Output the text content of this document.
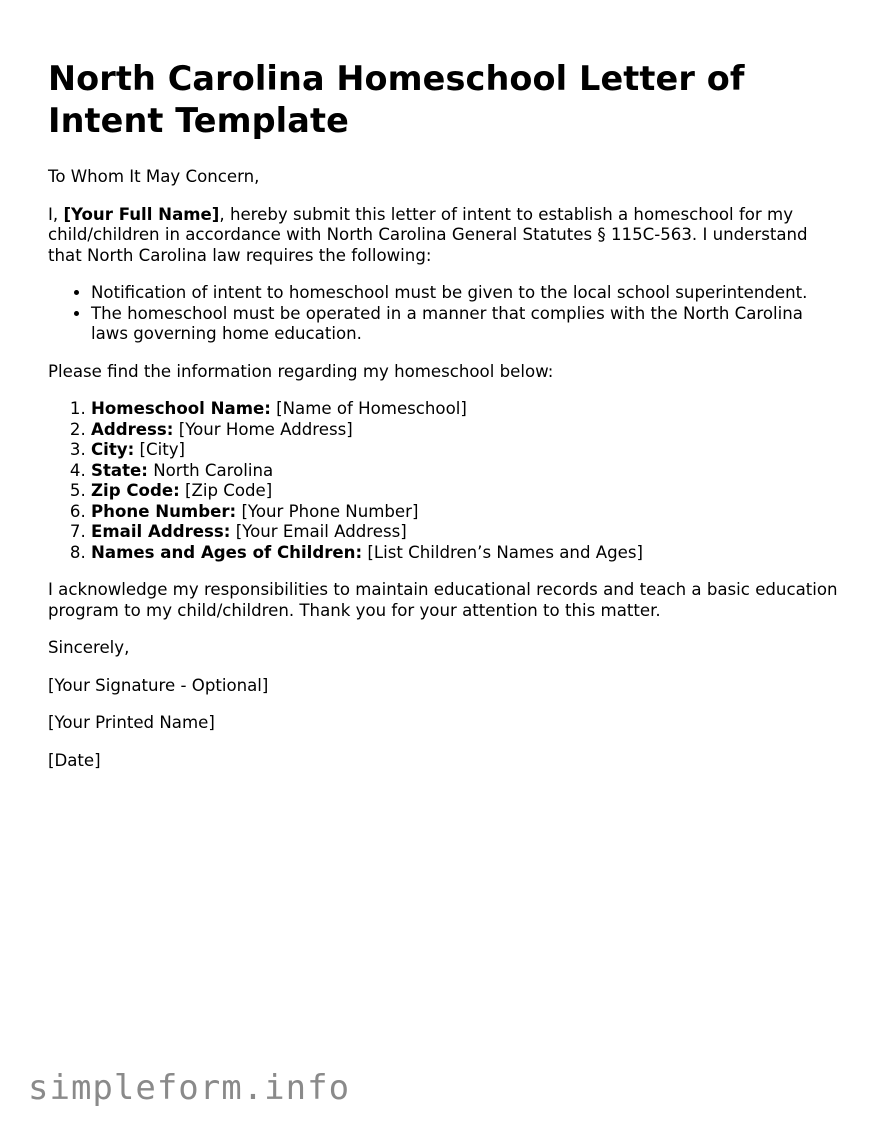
North Carolina Homeschool Letter of Intent Template

To Whom It May Concern,

I, [Your Full Name], hereby submit this letter of intent to establish a homeschool for my child/children in accordance with North Carolina General Statutes § 115C-563. I understand that North Carolina law requires the following:

• Notification of intent to homeschool must be given to the local school superintendent.
• The homeschool must be operated in a manner that complies with the North Carolina laws governing home education.

Please find the information regarding my homeschool below:

1. Homeschool Name: [Name of Homeschool]
2. Address: [Your Home Address]
3. City: [City]
4. State: North Carolina
5. Zip Code: [Zip Code]
6. Phone Number: [Your Phone Number]
7. Email Address: [Your Email Address]
8. Names and Ages of Children: [List Children’s Names and Ages]

I acknowledge my responsibilities to maintain educational records and teach a basic education program to my child/children. Thank you for your attention to this matter.

Sincerely,

[Your Signature - Optional]

[Your Printed Name]

[Date]

simpleform.info
